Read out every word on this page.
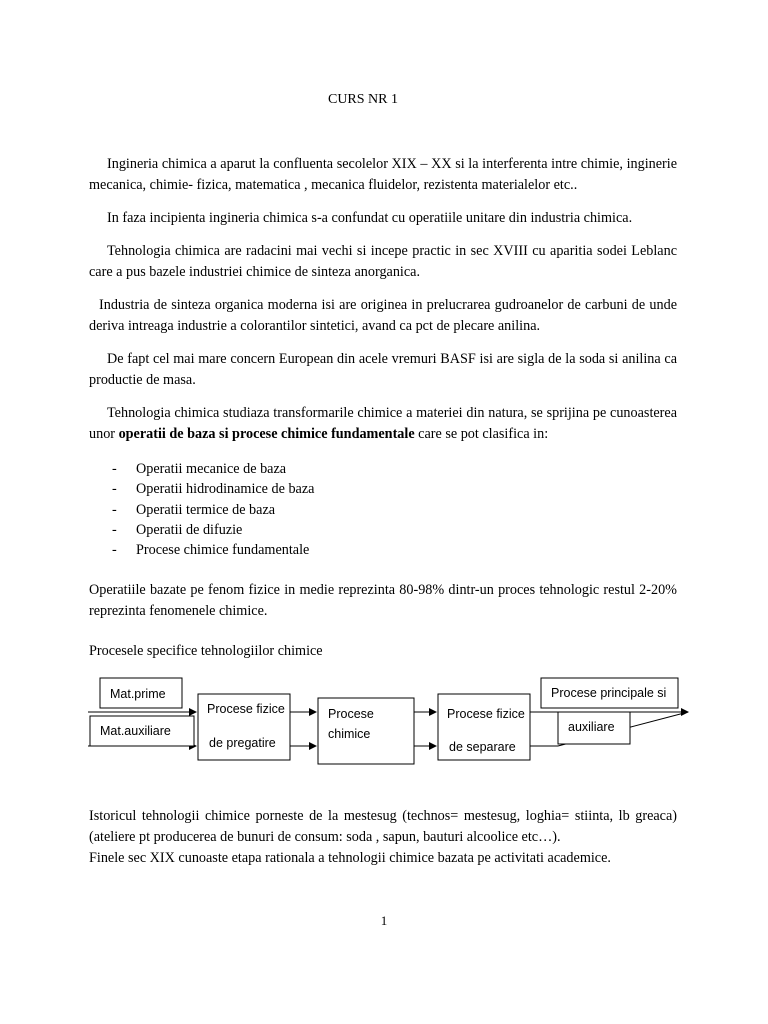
CURS NR 1

Ingineria chimica a aparut la confluenta secolelor XIX – XX si la interferenta intre chimie, inginerie mecanica, chimie- fizica, matematica , mecanica fluidelor, rezistenta materialelor etc..

In faza incipienta ingineria chimica s-a confundat cu operatiile unitare din industria chimica.

Tehnologia chimica are radacini mai vechi si incepe practic in sec XVIII cu aparitia sodei Leblanc care a pus bazele industriei chimice de sinteza anorganica.

Industria de sinteza organica moderna isi are originea in prelucrarea gudroanelor de carbuni de unde deriva intreaga industrie a colorantilor sintetici, avand ca pct de plecare anilina.

De fapt cel mai mare concern European din acele vremuri BASF isi are sigla de la soda si anilina ca productie de masa.

Tehnologia chimica studiaza transformarile chimice a materiei din natura, se sprijina pe cunoasterea unor operatii de baza si procese chimice fundamentale care se pot clasifica in:

- Operatii mecanice de baza
- Operatii hidrodinamice de baza
- Operatii termice de baza
- Operatii de difuzie
- Procese chimice fundamentale

Operatiile bazate pe fenom fizice in medie reprezinta 80-98% dintr-un proces tehnologic restul 2-20% reprezinta fenomenele chimice.

Procesele specifice tehnologiilor chimice
Mat.prime
Mat.auxiliare
Procese fizice
de pregatire
Procese
chimice
Procese fizice
de separare
Procese principale si
auxiliare

Istoricul tehnologii chimice porneste de la mestesug (technos= mestesug, loghia= stiinta, lb greaca) (ateliere pt producerea de bunuri de consum: soda , sapun, bauturi alcoolice etc…).

Finele sec XIX cunoaste etapa rationala a tehnologii chimice bazata pe activitati academice.

1
